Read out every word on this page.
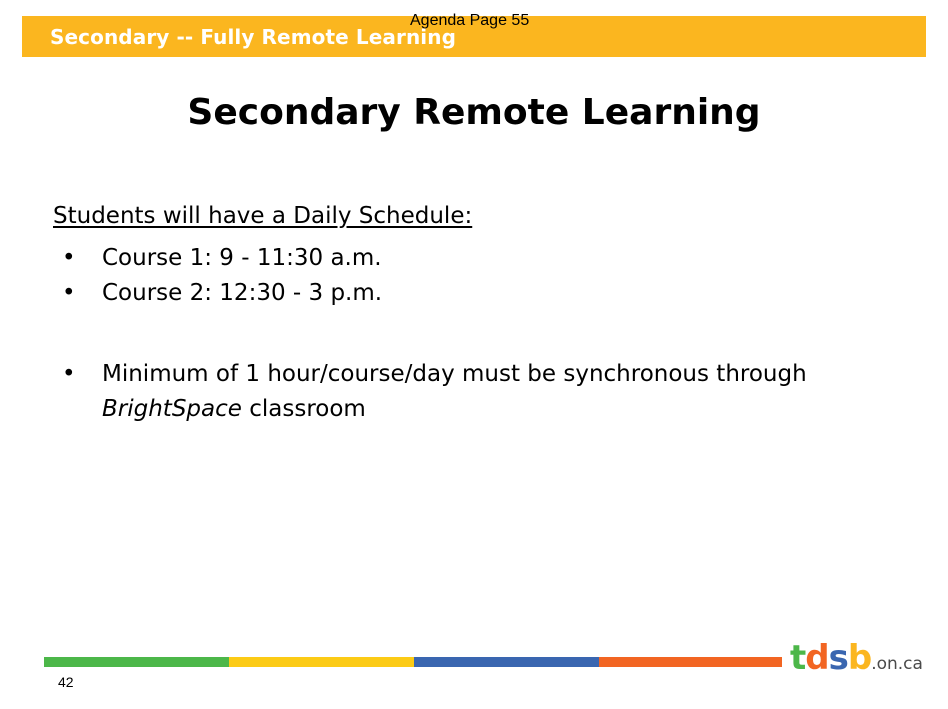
Secondary -- Fully Remote Learning
Agenda Page 55
Secondary Remote Learning
Students will have a Daily Schedule:
• Course 1: 9 - 11:30 a.m.
• Course 2: 12:30 - 3 p.m.
• Minimum of 1 hour/course/day must be synchronous through
BrightSpace classroom
42
tdsb.on.ca
